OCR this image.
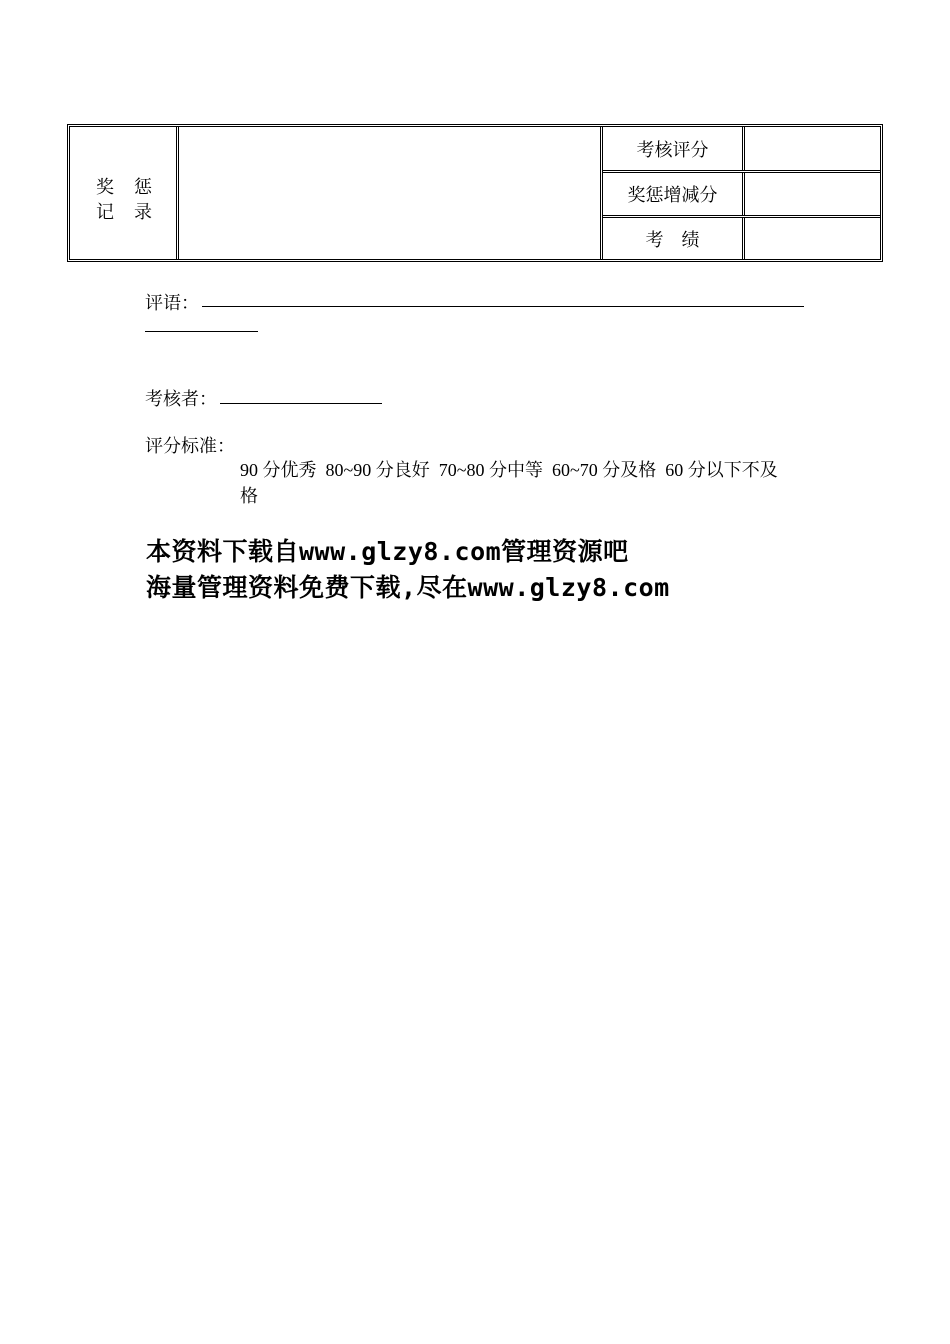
奖 惩
记 录
考核评分
奖惩增减分
考    绩
评语：
考核者：
评分标准：
90 分优秀  80~90 分良好  70~80 分中等  60~70 分及格  60 分以下不及
格
本资料下载自www.glzy8.com管理资源吧
海量管理资料免费下载,尽在www.glzy8.com
